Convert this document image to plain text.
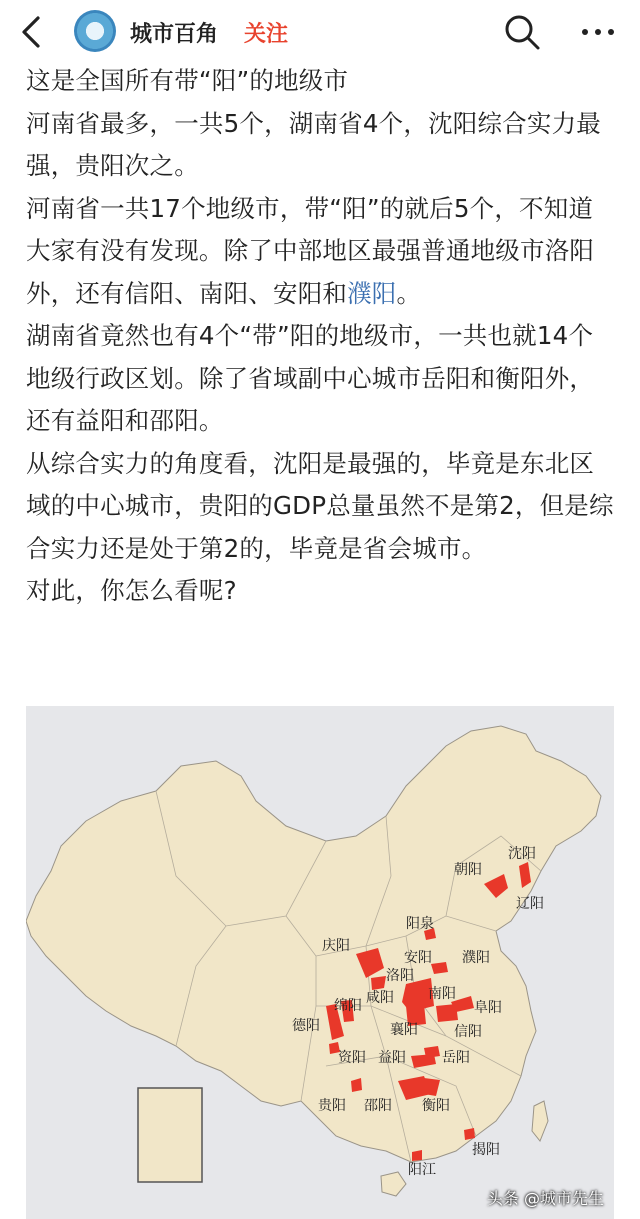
城市百角 关注

这是全国所有带“阳”的地级市

河南省最多，一共5个，湖南省4个，沈阳综合实力最强，贵阳次之。

河南省一共17个地级市，带“阳”的就后5个，不知道大家有没有发现。除了中部地区最强普通地级市洛阳外，还有信阳、南阳、安阳和濮阳。

湖南省竟然也有4个“带”阳的地级市，一共也就14个地级行政区划。除了省域副中心城市岳阳和衡阳外，还有益阳和邵阳。

从综合实力的角度看，沈阳是最强的，毕竟是东北区域的中心城市，贵阳的GDP总量虽然不是第2，但是综合实力还是处于第2的，毕竟是省会城市。

对此，你怎么看呢?

沈阳
朝阳
辽阳
阳泉
庆阳
安阳 濮阳
洛阳
咸阳 南阳
阜阳
绵阳
德阳	襄阳	信阳
资阳 益阳	岳阳
贵阳 邵阳 衡阳
揭阳
阳江
头条 @城市先生
